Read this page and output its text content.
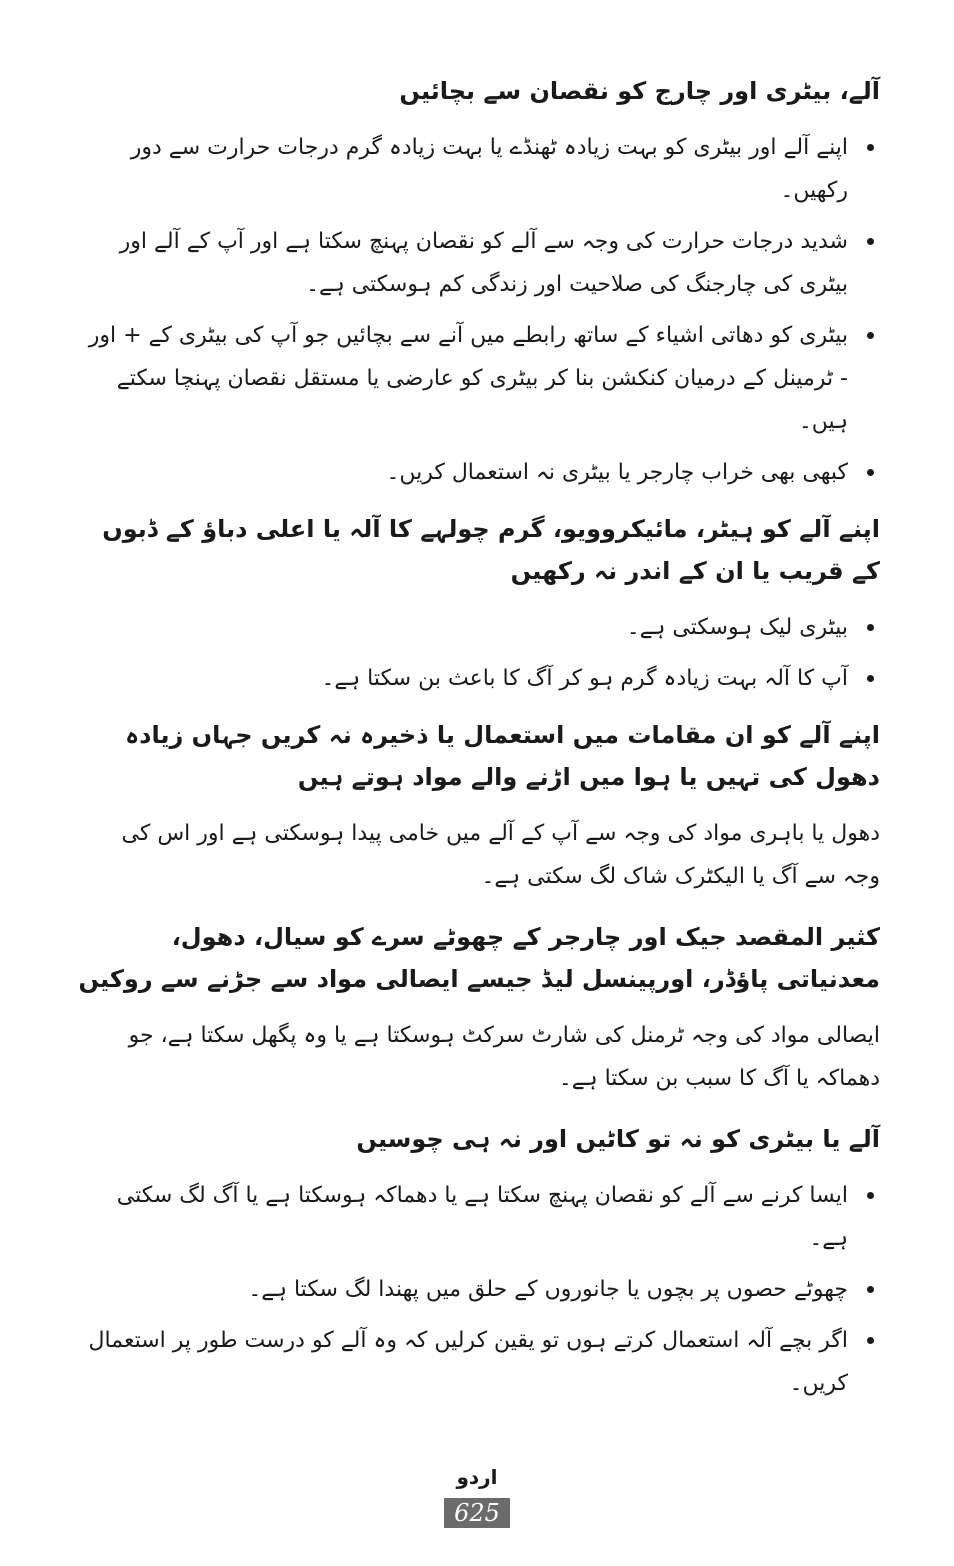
آلے، بیٹری اور چارج کو نقصان سے بچائیں
اپنے آلے اور بیٹری کو بہت زیادہ ٹھنڈے یا بہت زیادہ گرم درجات حرارت سے دور رکھیں۔
شدید درجات حرارت کی وجہ سے آلے کو نقصان پہنچ سکتا ہے اور آپ کے آلے اور بیٹری کی چارجنگ کی صلاحیت اور زندگی کم ہوسکتی ہے۔
بیٹری کو دھاتی اشیاء کے ساتھ رابطے میں آنے سے بچائیں جو آپ کی بیٹری کے + اور - ٹرمینل کے درمیان کنکشن بنا کر بیٹری کو عارضی یا مستقل نقصان پہنچا سکتے ہیں۔
کبھی بھی خراب چارجر یا بیٹری نہ استعمال کریں۔
اپنے آلے کو ہیٹر، مائیکروویو، گرم چولہے کا آلہ یا اعلی دباؤ کے ڈبوں کے قریب یا ان کے اندر نہ رکھیں
بیٹری لیک ہوسکتی ہے۔
آپ کا آلہ بہت زیادہ گرم ہو کر آگ کا باعث بن سکتا ہے۔
اپنے آلے کو ان مقامات میں استعمال یا ذخیرہ نہ کریں جہاں زیادہ دھول کی تہیں یا ہوا میں اڑنے والے مواد ہوتے ہیں

دھول یا باہری مواد کی وجہ سے آپ کے آلے میں خامی پیدا ہوسکتی ہے اور اس کی وجہ سے آگ یا الیکٹرک شاک لگ سکتی ہے۔

کثیر المقصد جیک اور چارجر کے چھوٹے سرے کو سیال، دھول، معدنیاتی پاؤڈر، اورپینسل لیڈ جیسے ایصالی مواد سے جڑنے سے روکیں

ایصالی مواد کی وجہ ٹرمنل کی شارٹ سرکٹ ہوسکتا ہے یا وہ پگھل سکتا ہے، جو دھماکہ یا آگ کا سبب بن سکتا ہے۔

آلے یا بیٹری کو نہ تو کاٹیں اور نہ ہی چوسیں
ایسا کرنے سے آلے کو نقصان پہنچ سکتا ہے یا دھماکہ ہوسکتا ہے یا آگ لگ سکتی ہے۔
چھوٹے حصوں پر بچوں یا جانوروں کے حلق میں پھندا لگ سکتا ہے۔
اگر بچے آلہ استعمال کرتے ہوں تو یقین کرلیں کہ وہ آلے کو درست طور پر استعمال کریں۔
اردو
625
